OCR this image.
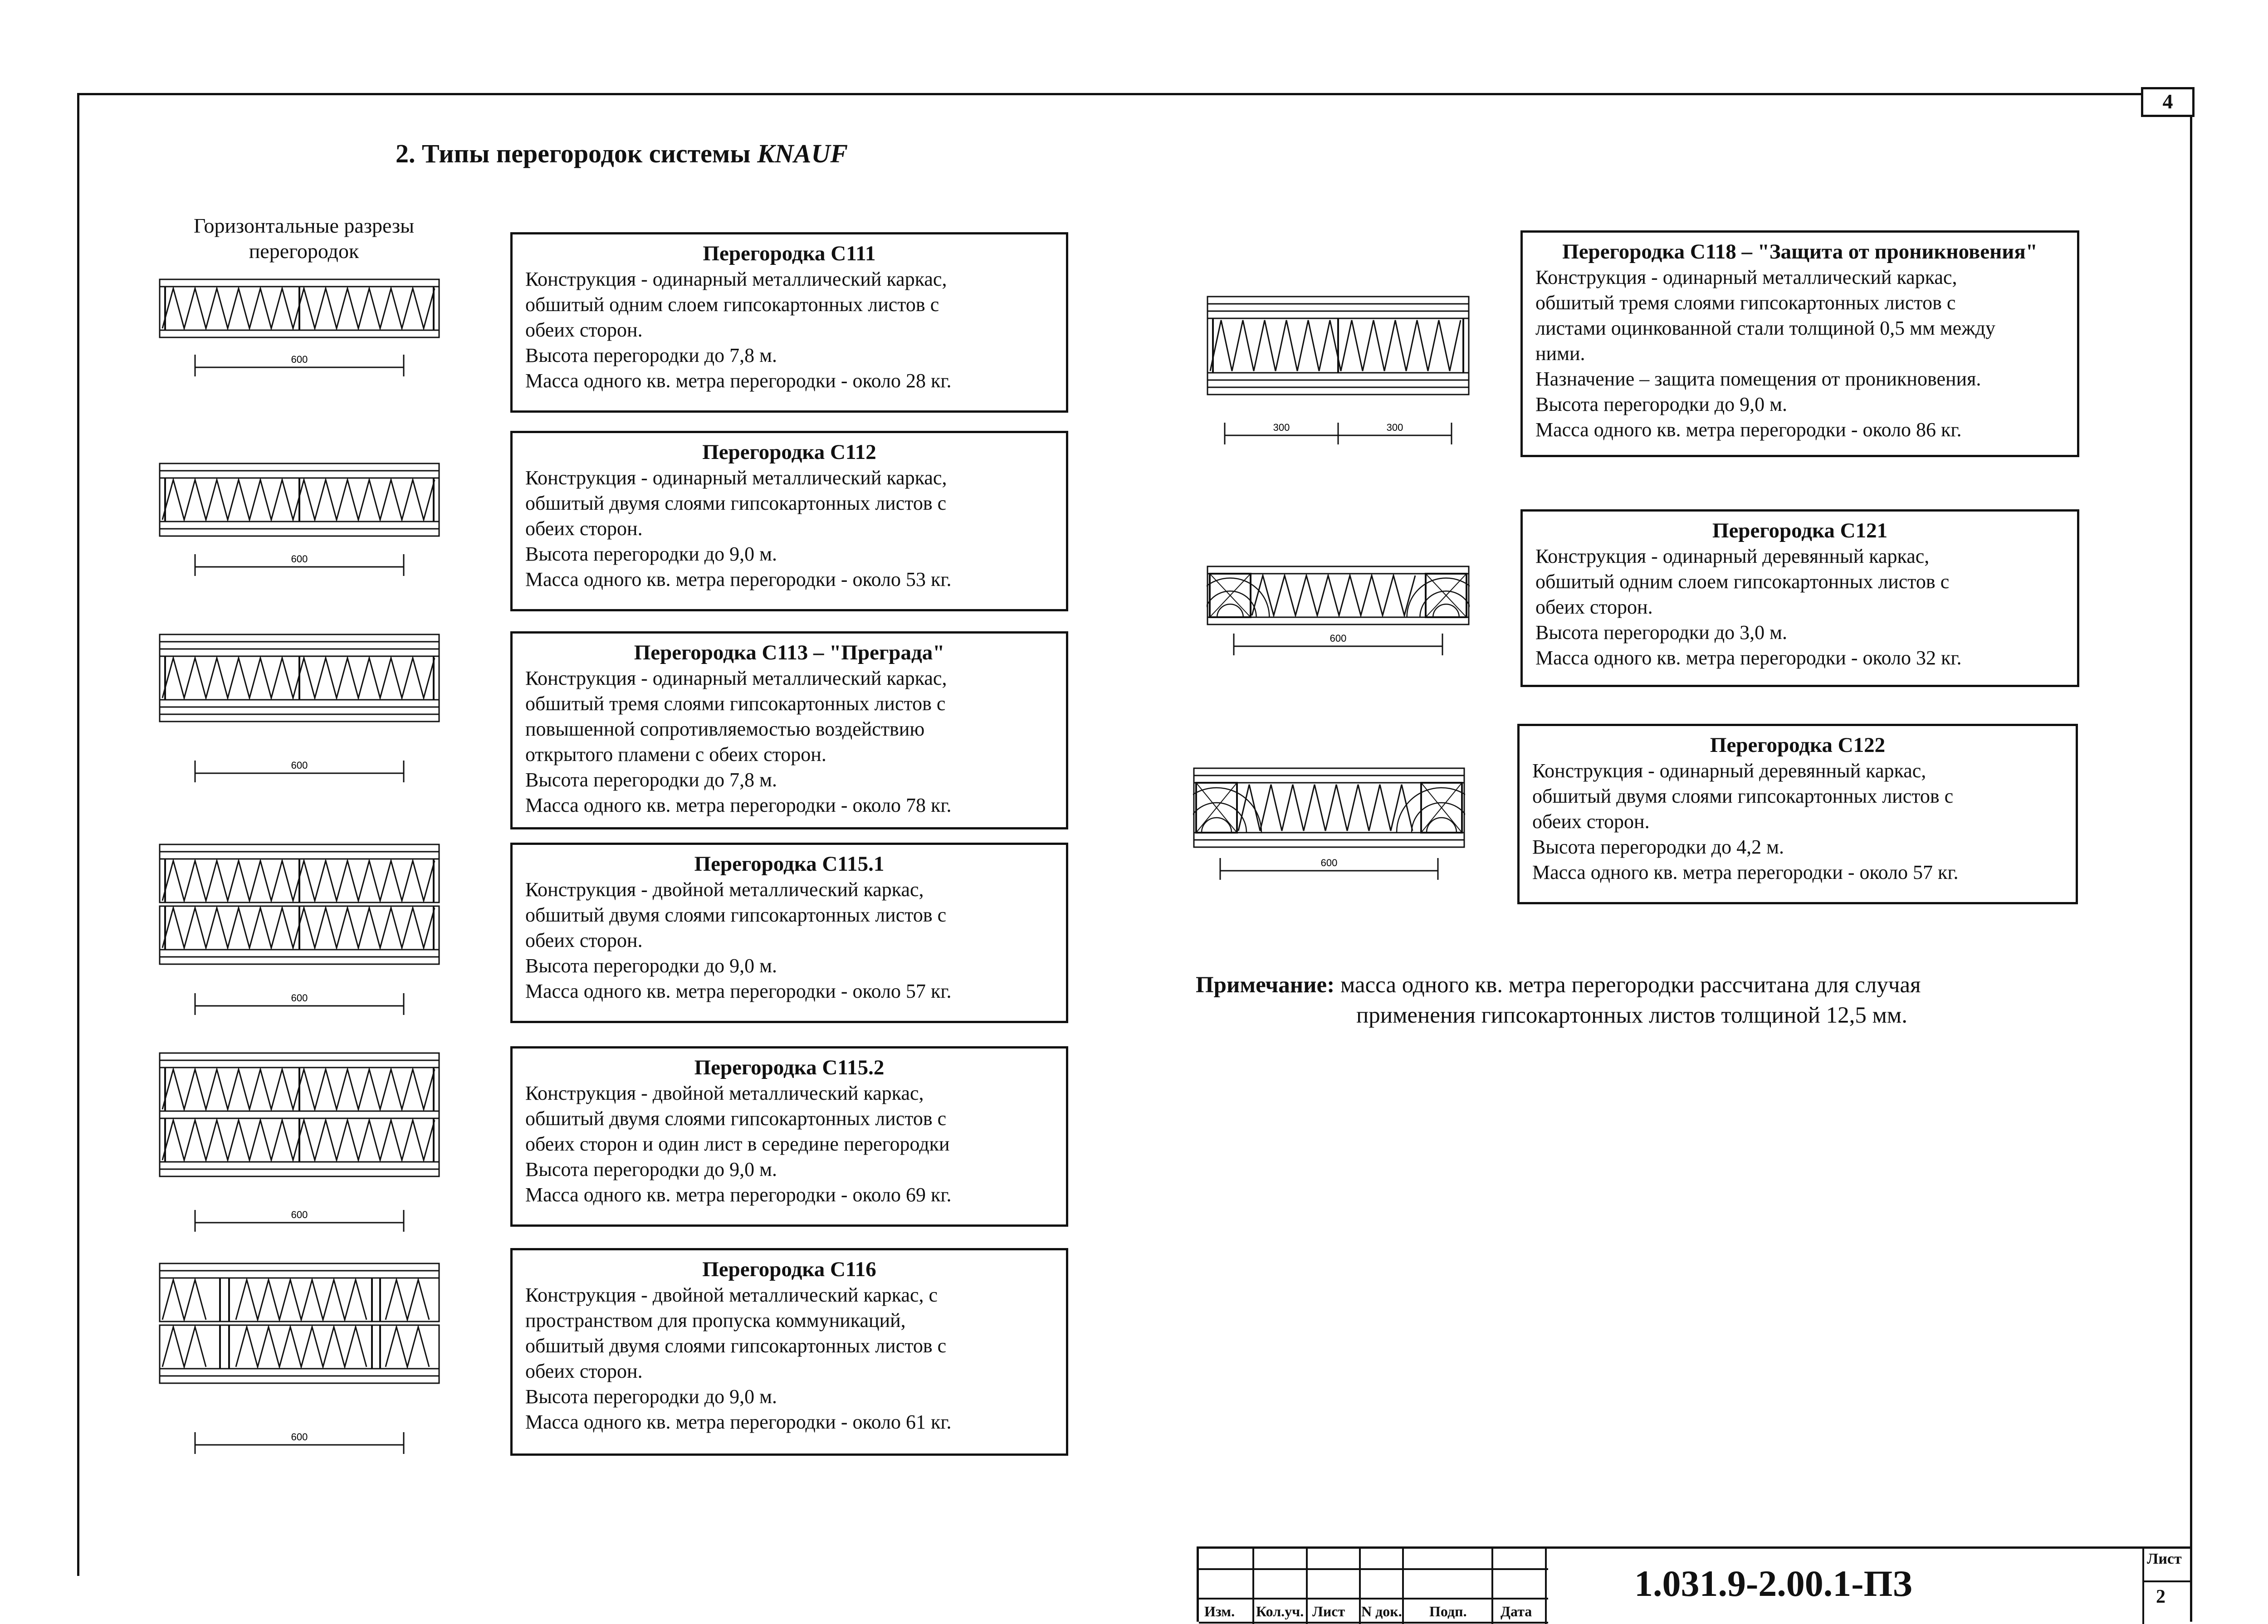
4
2. Типы перегородок системы KNAUF
Горизонтальные разрезы
перегородок
600
600
600
600
600
600
300	300
600
600
Перегородка С111
Конструкция - одинарный металлический каркас,
обшитый одним слоем гипсокартонных листов с
обеих сторон.
Высота перегородки до 7,8 м.
Масса одного кв. метра перегородки - около 28 кг.
Перегородка С112
Конструкция - одинарный металлический каркас,
обшитый двумя слоями гипсокартонных листов с
обеих сторон.
Высота перегородки до 9,0 м.
Масса одного кв. метра перегородки - около 53 кг.
Перегородка С113 – "Преграда"
Конструкция - одинарный металлический каркас,
обшитый тремя слоями гипсокартонных листов с
повышенной сопротивляемостью воздействию
открытого пламени с обеих сторон.
Высота перегородки до 7,8 м.
Масса одного кв. метра перегородки - около 78 кг.
Перегородка С115.1
Конструкция - двойной металлический каркас,
обшитый двумя слоями гипсокартонных листов с
обеих сторон.
Высота перегородки до 9,0 м.
Масса одного кв. метра перегородки - около 57 кг.
Перегородка С115.2
Конструкция - двойной металлический каркас,
обшитый двумя слоями гипсокартонных листов с
обеих сторон и один лист в середине перегородки
Высота перегородки до 9,0 м.
Масса одного кв. метра перегородки - около 69 кг.
Перегородка С116
Конструкция - двойной металлический каркас, с
пространством для пропуска коммуникаций,
обшитый двумя слоями гипсокартонных листов с
обеих сторон.
Высота перегородки до 9,0 м.
Масса одного кв. метра перегородки - около 61 кг.
Перегородка С118 – "Защита от проникновения"
Конструкция - одинарный металлический каркас,
обшитый тремя слоями гипсокартонных листов с
листами оцинкованной стали толщиной 0,5 мм между
ними.
Назначение – защита помещения от проникновения.
Высота перегородки до 9,0 м.
Масса одного кв. метра перегородки - около 86 кг.
Перегородка С121
Конструкция - одинарный деревянный каркас,
обшитый одним слоем гипсокартонных листов с
обеих сторон.
Высота перегородки до 3,0 м.
Масса одного кв. метра перегородки - около 32 кг.
Перегородка С122
Конструкция - одинарный деревянный каркас,
обшитый двумя слоями гипсокартонных листов с
обеих сторон.
Высота перегородки до 4,2 м.
Масса одного кв. метра перегородки - около 57 кг.
Примечание: масса одного кв. метра перегородки рассчитана для случая
применения гипсокартонных листов толщиной 12,5 мм.
Изм. Кол.уч. Лист N док. Подп. Дата
1.031.9-2.00.1-ПЗ
Лист
2
